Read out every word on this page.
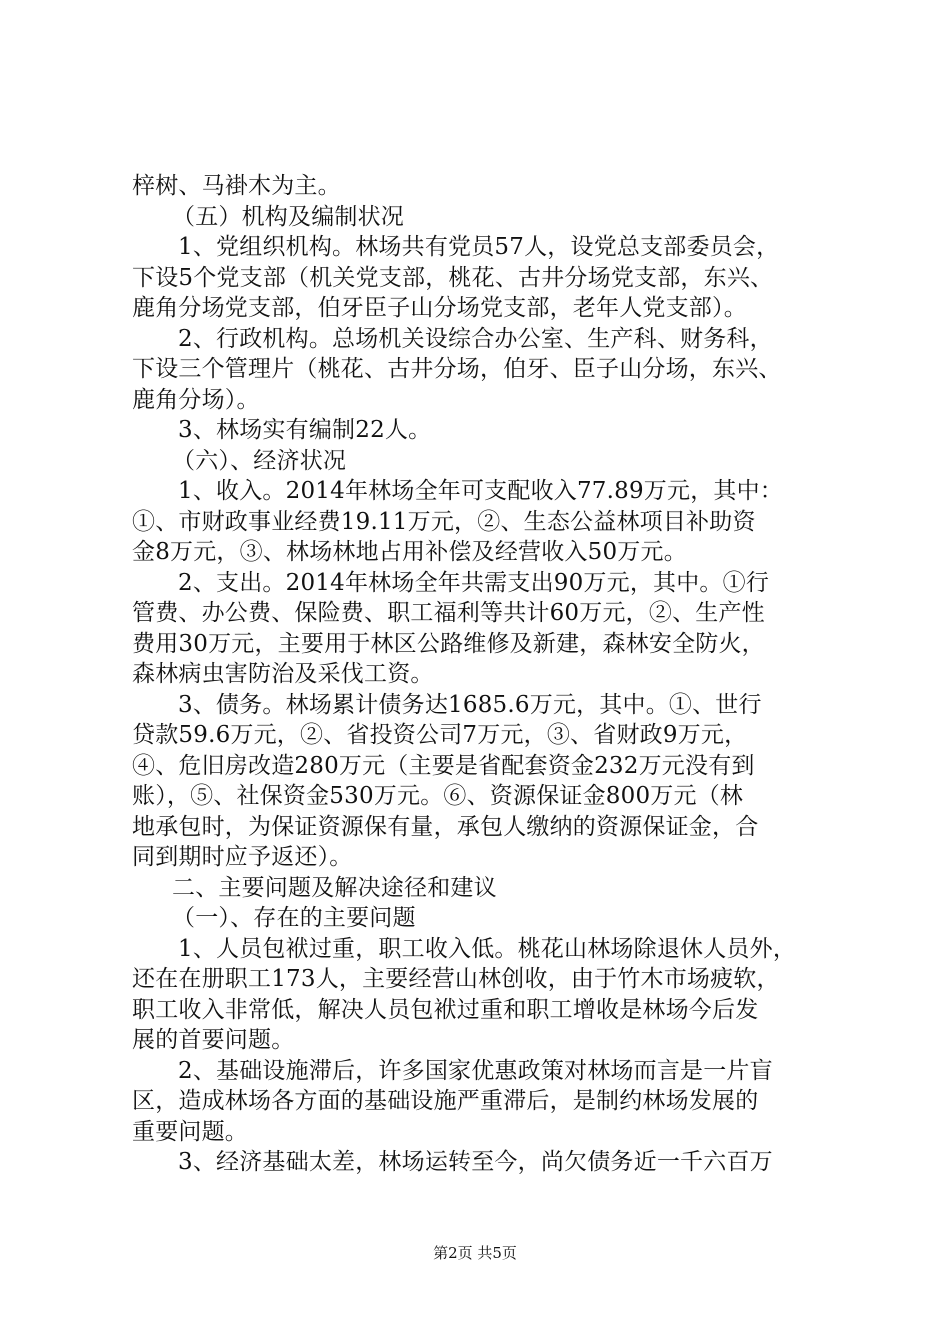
梓树、马褂木为主。
（五）机构及编制状况
1、党组织机构。林场共有党员57人，设党总支部委员会，
下设5个党支部（机关党支部，桃花、古井分场党支部，东兴、
鹿角分场党支部，伯牙臣子山分场党支部，老年人党支部）。
2、行政机构。总场机关设综合办公室、生产科、财务科，
下设三个管理片（桃花、古井分场，伯牙、臣子山分场，东兴、
鹿角分场）。
3、林场实有编制22人。
（六）、经济状况
1、收入。2014年林场全年可支配收入77.89万元，其中：
①、市财政事业经费19.11万元，②、生态公益林项目补助资
金8万元，③、林场林地占用补偿及经营收入50万元。
2、支出。2014年林场全年共需支出90万元，其中。①行
管费、办公费、保险费、职工福利等共计60万元，②、生产性
费用30万元，主要用于林区公路维修及新建，森林安全防火，
森林病虫害防治及采伐工资。
3、债务。林场累计债务达1685.6万元，其中。①、世行
贷款59.6万元，②、省投资公司7万元，③、省财政9万元，
④、危旧房改造280万元（主要是省配套资金232万元没有到
账），⑤、社保资金530万元。⑥、资源保证金800万元（林
地承包时，为保证资源保有量，承包人缴纳的资源保证金，合
同到期时应予返还）。
二、主要问题及解决途径和建议
（一）、存在的主要问题
1、人员包袱过重，职工收入低。桃花山林场除退休人员外，
还在在册职工173人，主要经营山林创收，由于竹木市场疲软，
职工收入非常低，解决人员包袱过重和职工增收是林场今后发
展的首要问题。
2、基础设施滞后，许多国家优惠政策对林场而言是一片盲
区，造成林场各方面的基础设施严重滞后，是制约林场发展的
重要问题。
3、经济基础太差，林场运转至今，尚欠债务近一千六百万
第2页 共5页
